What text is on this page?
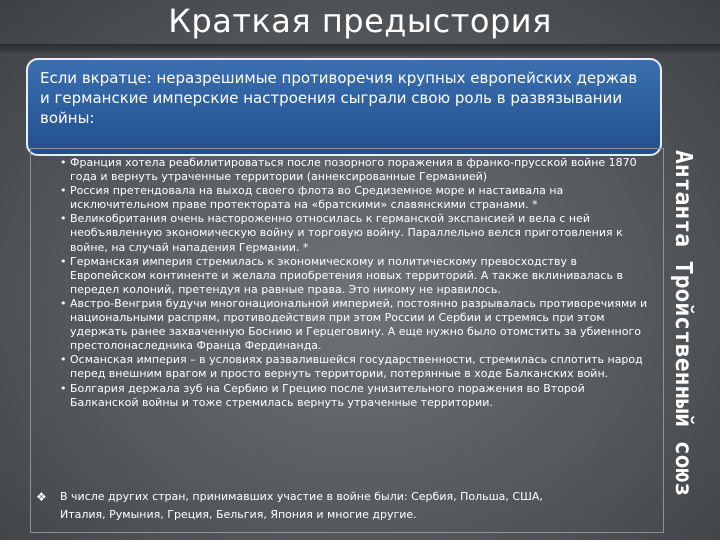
Краткая предыстория
Если вкратце: неразрешимые противоречия крупных европейских держав и германские имперские настроения сыграли свою роль в развязывании войны:
• Франция хотела реабилитироваться после позорного поражения в франко-прусской войне 1870 года и вернуть утраченные территории (аннексированные Германией)
• Россия претендовала на выход своего флота во Средиземное море и настаивала на исключительном праве протектората на «братскими» славянскими странами. *
• Великобритания очень настороженно относилась к германской экспансией и вела с ней необъявленную экономическую войну и торговую войну. Параллельно велся приготовления к войне, на случай нападения Германии. *
• Германская империя стремилась к экономическому и политическому превосходству в Европейском континенте и желала приобретения новых территорий. А также вклинивалась в передел колоний, претендуя на равные права. Это никому не нравилось.
• Австро-Венгрия будучи многонациональной империей, постоянно разрывалась противоречиями и национальными распрям, противодействия при этом России и Сербии и стремясь при этом удержать ранее захваченную Боснию и Герцеговину. А еще нужно было отомстить за убиенного престолонаследника Франца Фердинанда.
• Османская империя – в условиях развалившейся государственности, стремилась сплотить народ перед внешним врагом и просто вернуть территории, потерянные в ходе Балканских войн.
• Болгария держала зуб на Сербию и Грецию после унизительного поражения во Второй Балканской войны и тоже стремилась вернуть утраченные территории.
❖	В числе других стран, принимавших участие в войне были: Сербия, Польша, США,
Италия, Румыния, Греция, Бельгия, Япония и многие другие.
Антанта Тройственный союз
